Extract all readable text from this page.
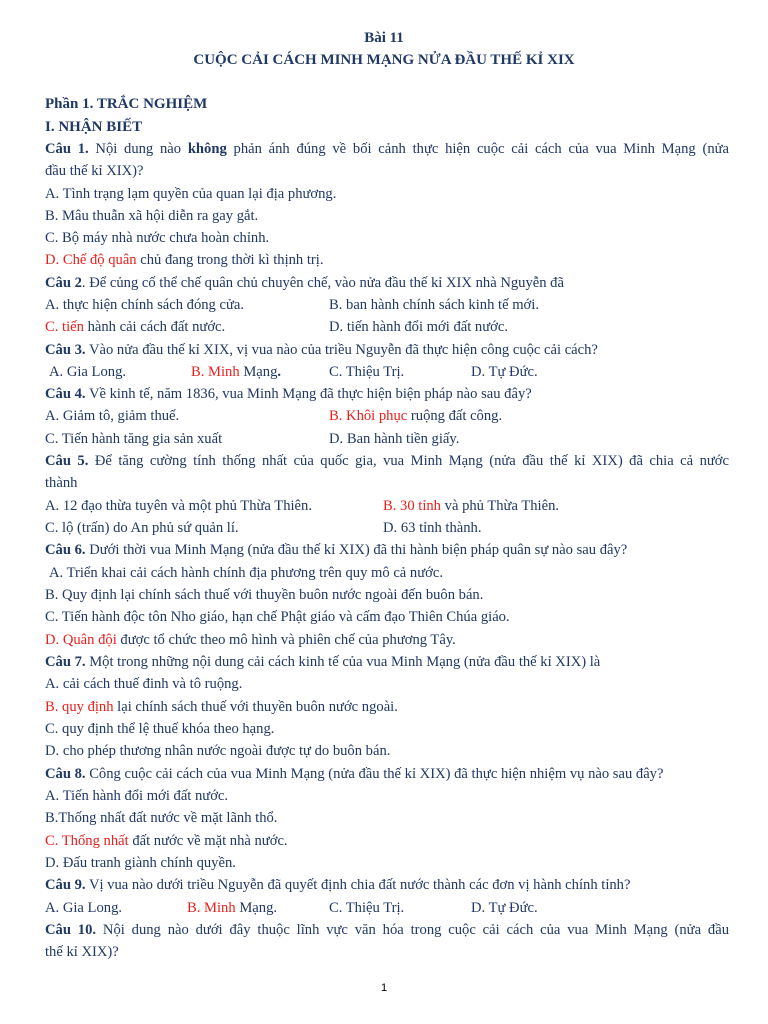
Bài 11
CUỘC CẢI CÁCH MINH MẠNG NỬA ĐẦU THẾ KỈ XIX
Phần 1. TRẮC NGHIỆM
I. NHẬN BIẾT
Câu 1. Nội dung nào không phản ánh đúng về bối cảnh thực hiện cuộc cải cách của vua Minh Mạng (nửa
đầu thế kỉ XIX)?
A. Tình trạng lạm quyền của quan lại địa phương.
B. Mâu thuẫn xã hội diễn ra gay gắt.
C. Bộ máy nhà nước chưa hoàn chỉnh.
D. Chế độ quân chủ đang trong thời kì thịnh trị.
Câu 2. Để củng cố thể chế quân chủ chuyên chế, vào nửa đầu thế kỉ XIX nhà Nguyễn đã
A. thực hiện chính sách đóng cửa.	B. ban hành chính sách kinh tế mới.
C. tiến hành cải cách đất nước.	D. tiến hành đổi mới đất nước.
Câu 3. Vào nửa đầu thế kỉ XIX, vị vua nào của triều Nguyễn đã thực hiện công cuộc cải cách?
A. Gia Long.	B. Minh Mạng.	C. Thiệu Trị.	D. Tự Đức.
Câu 4. Về kinh tế, năm 1836, vua Minh Mạng đã thực hiện biện pháp nào sau đây?
A. Giảm tô, giảm thuế.	B. Khôi phục ruộng đất công.
C. Tiến hành tăng gia sản xuất	D. Ban hành tiền giấy.
Câu 5. Để tăng cường tính thống nhất của quốc gia, vua Minh Mạng (nửa đầu thế kỉ XIX) đã chia cả nước
thành
A. 12 đạo thừa tuyên và một phủ Thừa Thiên.	B. 30 tỉnh và phủ Thừa Thiên.
C. lộ (trấn) do An phủ sứ quản lí.	D. 63 tỉnh thành.
Câu 6. Dưới thời vua Minh Mạng (nửa đầu thế kỉ XIX) đã thi hành biện pháp quân sự nào sau đây?
A. Triển khai cải cách hành chính địa phương trên quy mô cả nước.
B. Quy định lại chính sách thuế với thuyền buôn nước ngoài đến buôn bán.
C. Tiến hành độc tôn Nho giáo, hạn chế Phật giáo và cấm đạo Thiên Chúa giáo.
D. Quân đội được tổ chức theo mô hình và phiên chế của phương Tây.
Câu 7. Một trong những nội dung cải cách kinh tế của vua Minh Mạng (nửa đầu thế kỉ XIX) là
A. cải cách thuế đinh và tô ruộng.
B. quy định lại chính sách thuế với thuyền buôn nước ngoài.
C. quy định thể lệ thuế khóa theo hạng.
D. cho phép thương nhân nước ngoài được tự do buôn bán.
Câu 8. Công cuộc cải cách của vua Minh Mạng (nửa đầu thế kỉ XIX) đã thực hiện nhiệm vụ nào sau đây?
A. Tiến hành đổi mới đất nước.
B.Thống nhất đất nước về mặt lãnh thổ.
C. Thống nhất đất nước về mặt nhà nước.
D. Đấu tranh giành chính quyền.
Câu 9. Vị vua nào dưới triều Nguyễn đã quyết định chia đất nước thành các đơn vị hành chính tỉnh?
A. Gia Long.	B. Minh Mạng.	C. Thiệu Trị.	D. Tự Đức.
Câu 10. Nội dung nào dưới đây thuộc lĩnh vực văn hóa trong cuộc cải cách của vua Minh Mạng (nửa đầu
thế kỉ XIX)?
1
